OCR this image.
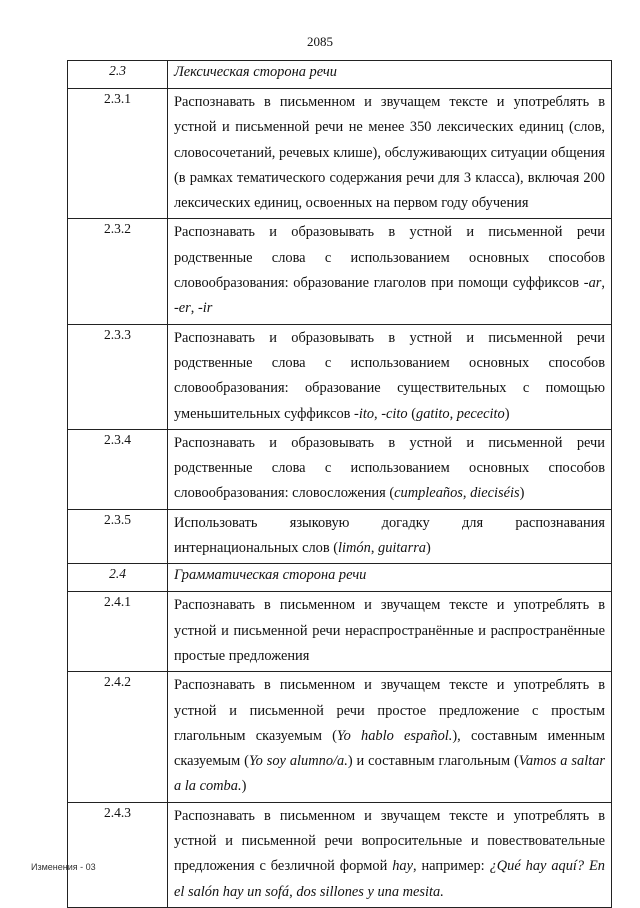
2085
2.3	Лексическая сторона речи
2.3.1	Распознавать в письменном и звучащем тексте и употреблять в устной и письменной речи не менее 350 лексических единиц (слов, словосочетаний, речевых клише), обслуживающих ситуации общения (в рамках тематического содержания речи для 3 класса), включая 200 лексических единиц, освоенных на первом году обучения
2.3.2	Распознавать и образовывать в устной и письменной речи родственные слова с использованием основных способов словообразования: образование глаголов при помощи суффиксов -ar, -er, -ir
2.3.3	Распознавать и образовывать в устной и письменной речи родственные слова с использованием основных способов словообразования: образование существительных с помощью уменьшительных суффиксов -ito, -cito (gatito, pececito)
2.3.4	Распознавать и образовывать в устной и письменной речи родственные слова с использованием основных способов словообразования: словосложения (cumpleaños, dieciséis)
2.3.5	Использовать языковую догадку для распознавания интернациональных слов (limón, guitarra)
2.4	Грамматическая сторона речи
2.4.1	Распознавать в письменном и звучащем тексте и употреблять в устной и письменной речи нераспространённые и распространённые простые предложения
2.4.2	Распознавать в письменном и звучащем тексте и употреблять в устной и письменной речи простое предложение с простым глагольным сказуемым (Yo hablo español.), составным именным сказуемым (Yo soy alumno/a.) и составным глагольным (Vamos a saltar a la comba.)
2.4.3	Распознавать в письменном и звучащем тексте и употреблять в устной и письменной речи вопросительные и повествовательные предложения с безличной формой hay, например: ¿Qué hay aquí? En el salón hay un sofá, dos sillones y una mesita.
Изменения - 03
